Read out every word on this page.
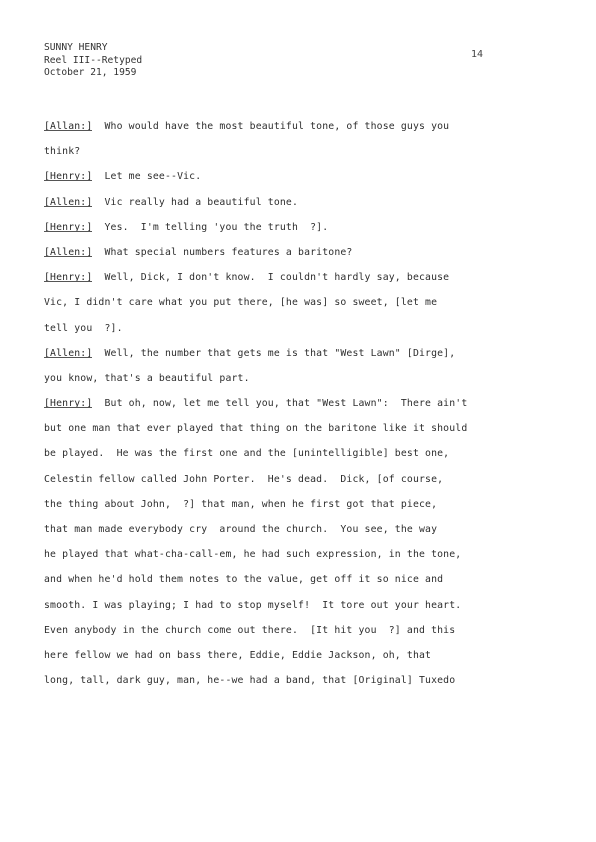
SUNNY HENRY
Reel III--Retyped
October 21, 1959
14
[Allan:]  Who would have the most beautiful tone, of those guys you
think?
[Henry:]  Let me see--Vic.
[Allen:]  Vic really had a beautiful tone.
[Henry:]  Yes.  I'm telling 'you the truth  ?].
[Allen:]  What special numbers features a baritone?
[Henry:]  Well, Dick, I don't know.  I couldn't hardly say, because
Vic, I didn't care what you put there, [he was] so sweet, [let me
tell you  ?].
[Allen:]  Well, the number that gets me is that "West Lawn" [Dirge],
you know, that's a beautiful part.
[Henry:]  But oh, now, let me tell you, that "West Lawn":  There ain't
but one man that ever played that thing on the baritone like it should
be played.  He was the first one and the [unintelligible] best one,
Celestin fellow called John Porter.  He's dead.  Dick, [of course,
the thing about John,  ?] that man, when he first got that piece,
that man made everybody cry  around the church.  You see, the way
he played that what-cha-call-em, he had such expression, in the tone,
and when he'd hold them notes to the value, get off it so nice and
smooth. I was playing; I had to stop myself!  It tore out your heart.
Even anybody in the church come out there.  [It hit you  ?] and this
here fellow we had on bass there, Eddie, Eddie Jackson, oh, that
long, tall, dark guy, man, he--we had a band, that [Original] Tuxedo
